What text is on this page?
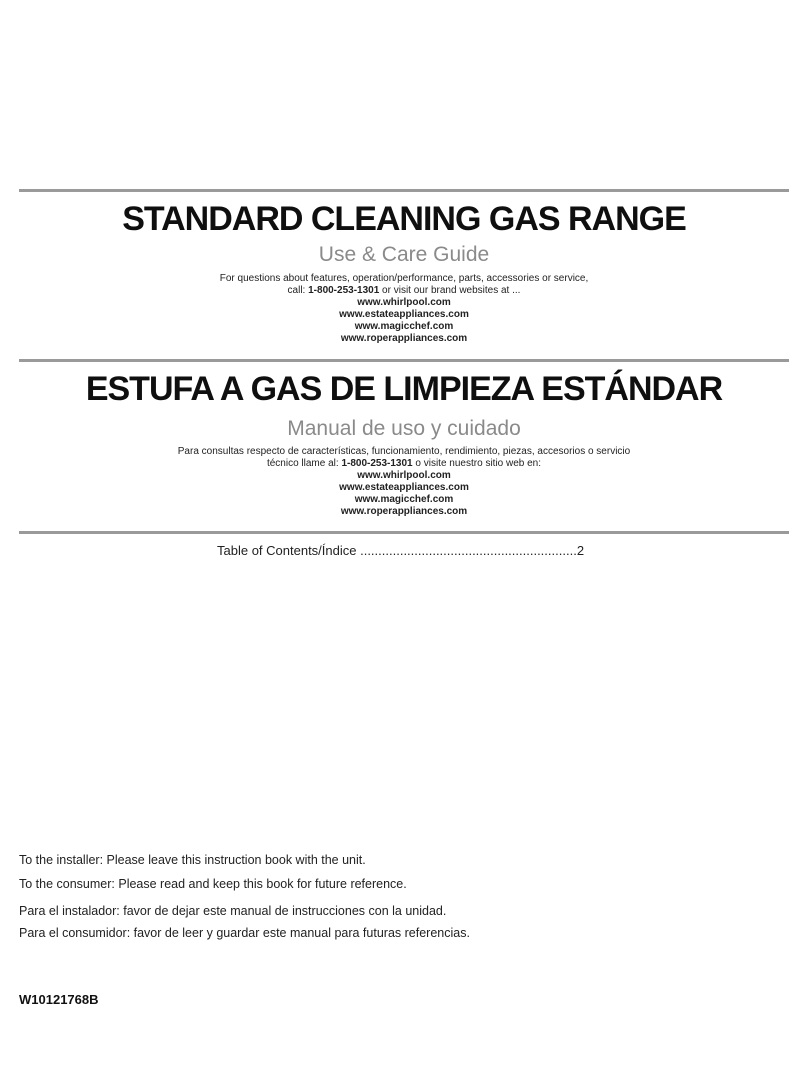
STANDARD CLEANING GAS RANGE
Use & Care Guide
For questions about features, operation/performance, parts, accessories or service,
call: 1-800-253-1301 or visit our brand websites at ...
www.whirlpool.com
www.estateappliances.com
www.magicchef.com
www.roperappliances.com
ESTUFA A GAS DE LIMPIEZA ESTÁNDAR
Manual de uso y cuidado
Para consultas respecto de características, funcionamiento, rendimiento, piezas, accesorios o servicio
técnico llame al: 1-800-253-1301 o visite nuestro sitio web en:
www.whirlpool.com
www.estateappliances.com
www.magicchef.com
www.roperappliances.com
Table of Contents/Índice ............................................................2
To the installer: Please leave this instruction book with the unit.
To the consumer: Please read and keep this book for future reference.
Para el instalador: favor de dejar este manual de instrucciones con la unidad.
Para el consumidor: favor de leer y guardar este manual para futuras referencias.
W10121768B
